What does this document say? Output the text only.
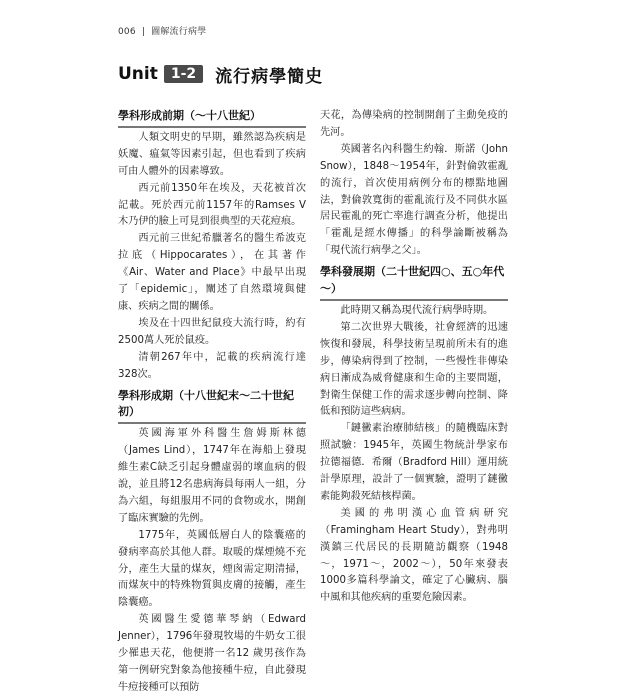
006 | 圖解流行病學
Unit 1-2	流行病學簡史
學科形成前期（～十八世紀）

人類文明史的早期，雖然認為疾病是妖魔、瘟氣等因素引起，但也看到了疾病可由人體外的因素導致。

西元前1350年在埃及，天花被首次記載。死於西元前1157年的Ramses V木乃伊的臉上可見到很典型的天花痘痕。

西元前三世紀希臘著名的醫生希波克拉底（Hippocarates），在其著作《Air、Water and Place》中最早出現了「epidemic」，闡述了自然環境與健康、疾病之間的關係。

埃及在十四世紀鼠疫大流行時，約有2500萬人死於鼠疫。

清朝267年中，記載的疾病流行達328次。

學科形成期（十八世紀末～二十世紀初）

英國海軍外科醫生詹姆斯林德（James Lind），1747年在海船上發現維生素C缺乏引起身體虛弱的壞血病的假說，並且將12名患病海員每兩人一組，分為六組，每組服用不同的食物或水，開創了臨床實驗的先例。

1775年，英國低層白人的陰囊癌的發病率高於其他人群。取暖的煤煙燒不充分，產生大量的煤灰，煙囪需定期清掃，而煤灰中的特殊物質與皮膚的接觸，產生陰囊癌。

英國醫生愛德華琴納（Edward Jenner），1796年發現牧場的牛奶女工很少罹患天花，他便將一名12 歲男孩作為第一例研究對象為他接種牛痘，自此發現牛痘接種可以預防

天花，為傳染病的控制開創了主動免疫的先河。

英國著名內科醫生約翰．斯諾（John Snow），1848～1954年，針對倫敦霍亂的流行，首次使用病例分布的標點地圖法，對倫敦寬街的霍亂流行及不同供水區居民霍亂的死亡率進行調查分析，他提出「霍亂是經水傳播」的科學論斷被稱為「現代流行病學之父」。

學科發展期（二十世紀四○、五○年代～）

此時期又稱為現代流行病學時期。

第二次世界大戰後，社會經濟的迅速恢復和發展，科學技術呈現前所未有的進步，傳染病得到了控制，一些慢性非傳染病日漸成為威脅健康和生命的主要問題，對衛生保健工作的需求逐步轉向控制、降低和預防這些病病。

「鏈黴素治療肺結核」的隨機臨床對照試驗：1945年，英國生物統計學家布拉德福德．希爾（Bradford Hill）運用統計學原理，設計了一個實驗，證明了鏈黴素能夠殺死結核桿菌。

美國的弗明漢心血管病研究（Framingham Heart Study），對弗明漢鎮三代居民的長期隨訪觀察（1948～，1971～，2002～），50年來發表1000多篇科學論文，確定了心臟病、腦中風和其他疾病的重要危險因素。
